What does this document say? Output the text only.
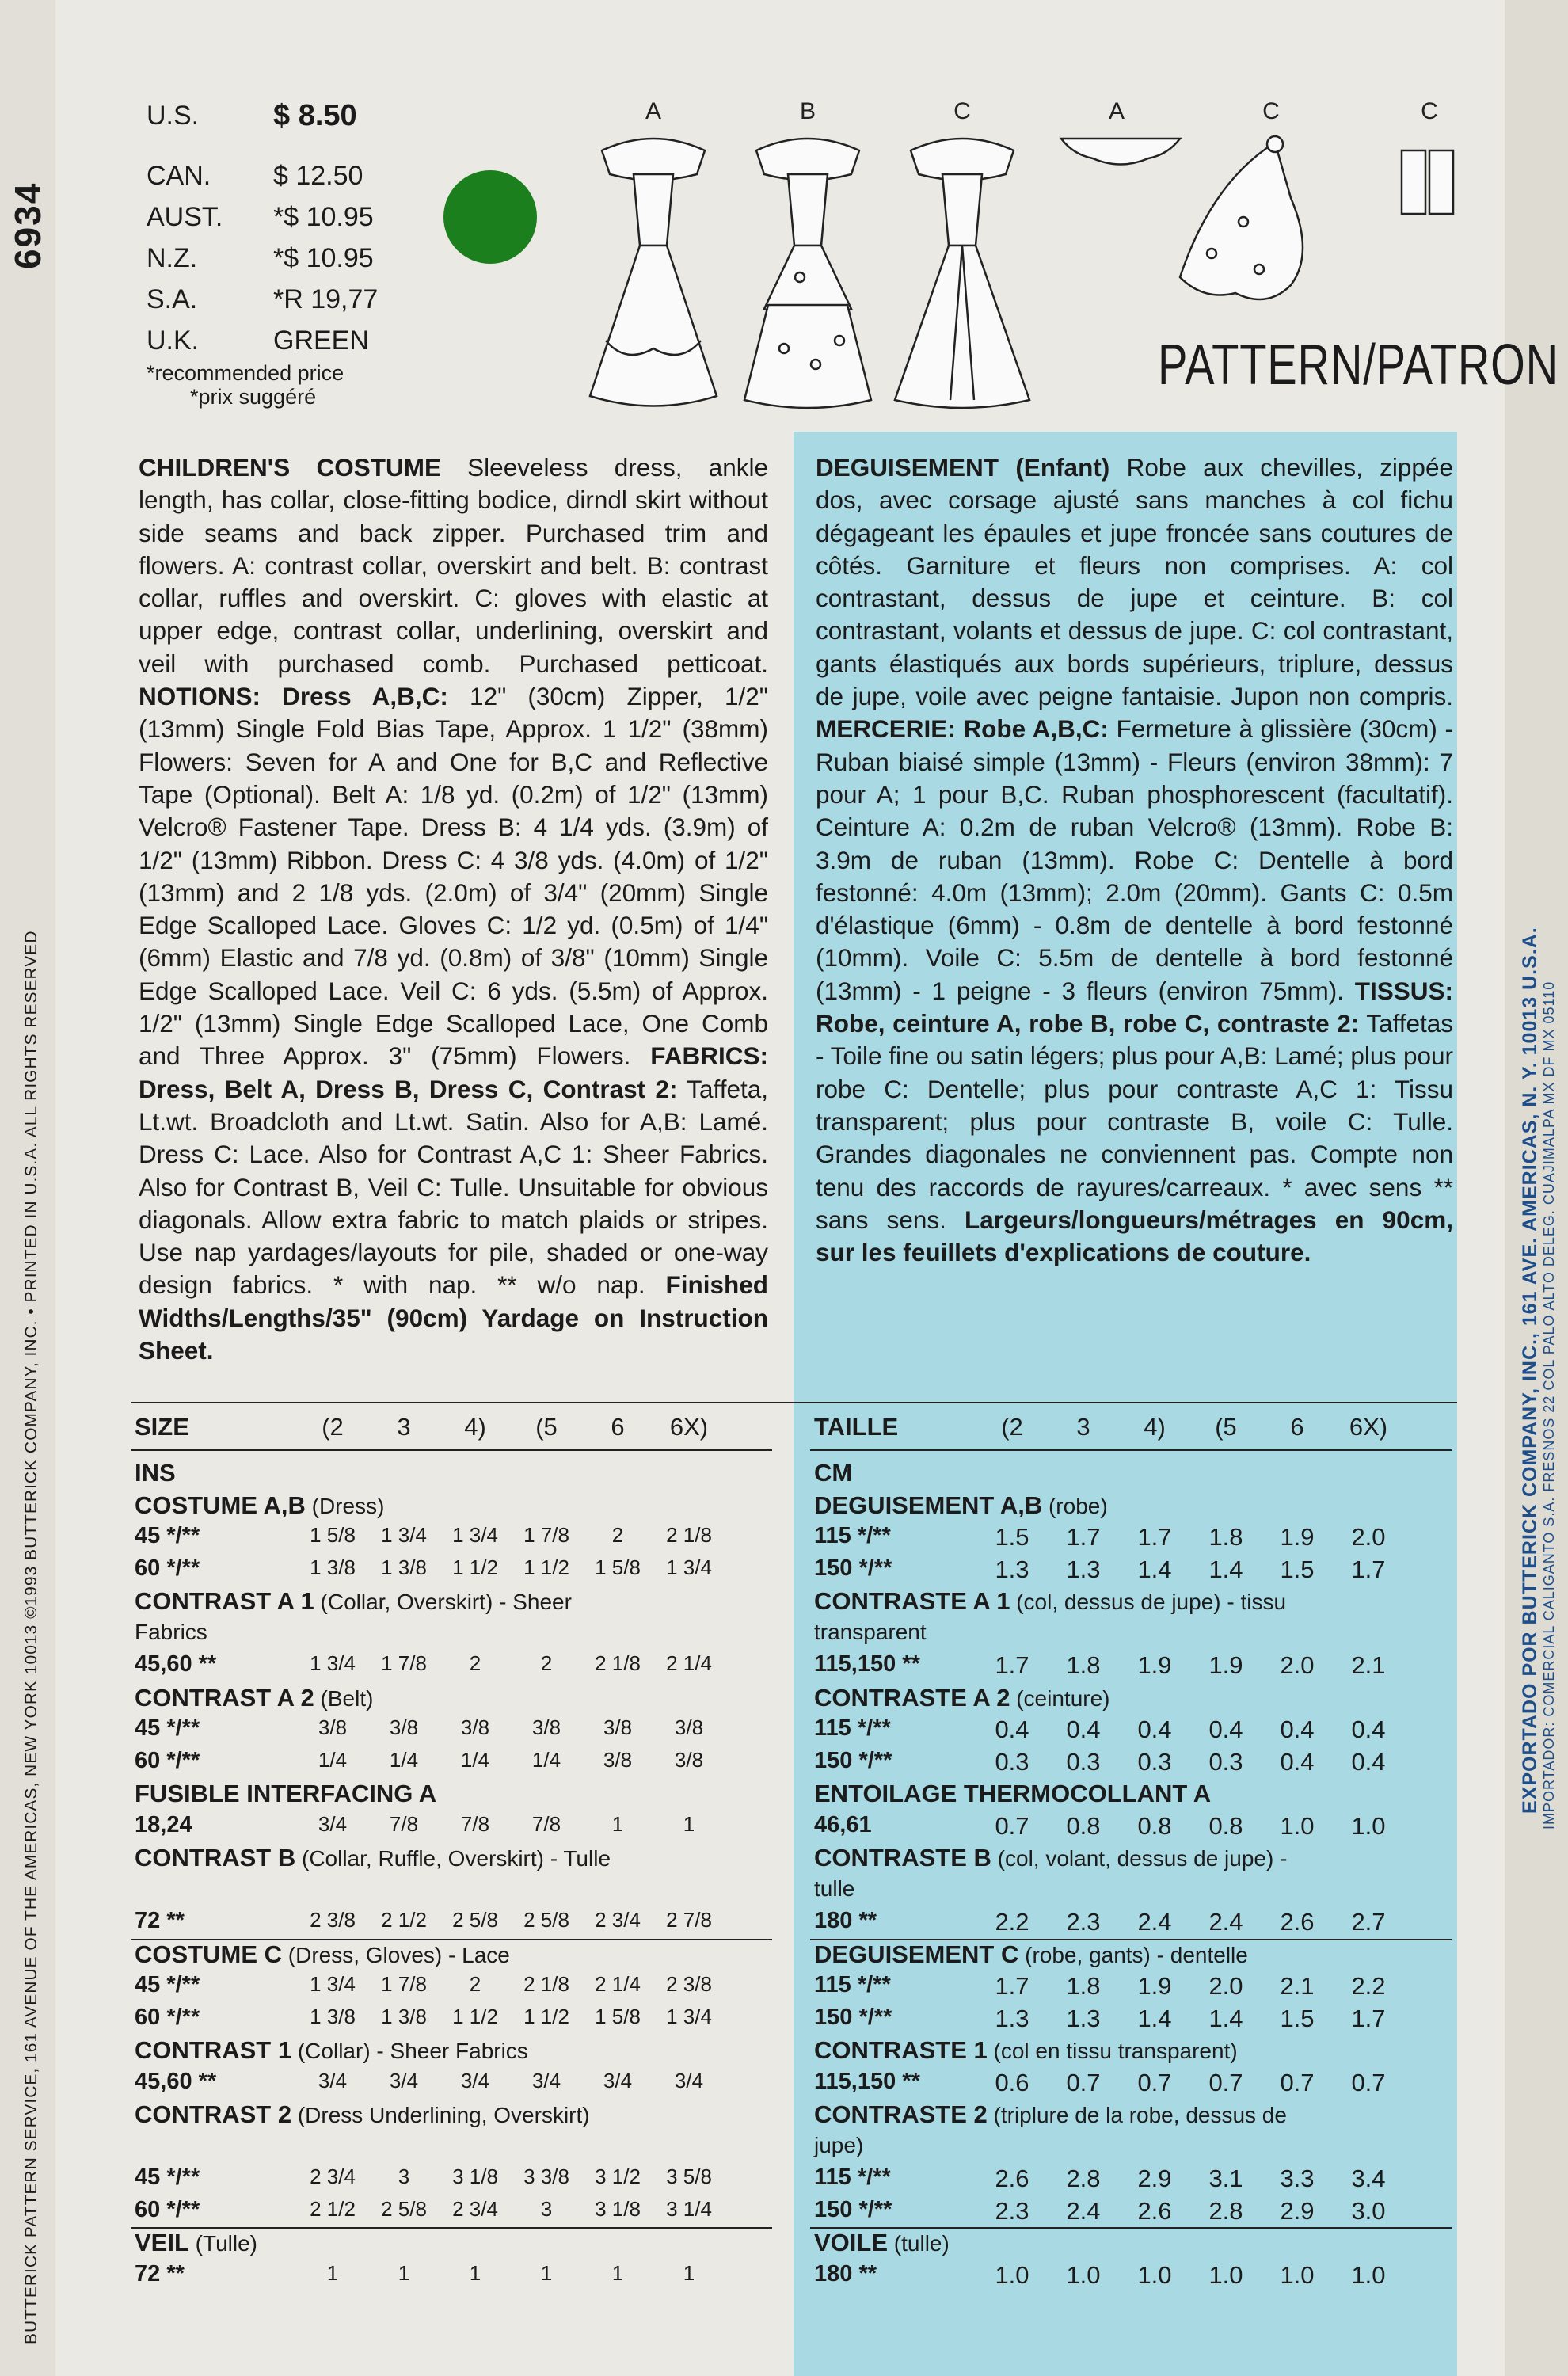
6934
BUTTERICK PATTERN SERVICE, 161 AVENUE OF THE AMERICAS, NEW YORK 10013 ©1993 BUTTERICK COMPANY, INC. • PRINTED IN U.S.A. ALL RIGHTS RESERVED	EXPORTADO POR BUTTERICK COMPANY, INC., 161 AVE. AMERICAS, N. Y. 10013 U.S.A. IMPORTADOR: COMERCIAL CALIGANTO S.A. FRESNOS 22 COL PALO ALTO DELEG. CUAJIMALPA MX DF MX 05110
U.S.	$ 8.50
CAN.	$ 12.50
AUST.	*$ 10.95
N.Z.	*$ 10.95
S.A.	*R 19,77
U.K.	GREEN
*recommended price
*prix suggéré
A	B	C	A	C	C
PATTERN/PATRON
CHILDREN'S COSTUME Sleeveless dress, ankle length, has collar, close-fitting bodice, dirndl skirt without side seams and back zipper. Purchased trim and flowers. A: contrast collar, overskirt and belt. B: contrast collar, ruffles and overskirt. C: gloves with elastic at upper edge, contrast collar, underlining, overskirt and veil with purchased comb. Purchased petticoat. NOTIONS: Dress A,B,C: 12" (30cm) Zipper, 1/2" (13mm) Single Fold Bias Tape, Approx. 1 1/2" (38mm) Flowers: Seven for A and One for B,C and Reflective Tape (Optional). Belt A: 1/8 yd. (0.2m) of 1/2" (13mm) Velcro® Fastener Tape. Dress B: 4 1/4 yds. (3.9m) of 1/2" (13mm) Ribbon. Dress C: 4 3/8 yds. (4.0m) of 1/2" (13mm) and 2 1/8 yds. (2.0m) of 3/4" (20mm) Single Edge Scalloped Lace. Gloves C: 1/2 yd. (0.5m) of 1/4" (6mm) Elastic and 7/8 yd. (0.8m) of 3/8" (10mm) Single Edge Scalloped Lace. Veil C: 6 yds. (5.5m) of Approx. 1/2" (13mm) Single Edge Scalloped Lace, One Comb and Three Approx. 3" (75mm) Flowers. FABRICS: Dress, Belt A, Dress B, Dress C, Contrast 2: Taffeta, Lt.wt. Broadcloth and Lt.wt. Satin. Also for A,B: Lamé. Dress C: Lace. Also for Contrast A,C 1: Sheer Fabrics. Also for Contrast B, Veil C: Tulle. Unsuitable for obvious diagonals. Allow extra fabric to match plaids or stripes. Use nap yardages/layouts for pile, shaded or one-way design fabrics. * with nap. ** w/o nap. Finished Widths/Lengths/35" (90cm) Yardage on Instruction Sheet.
DEGUISEMENT (Enfant) Robe aux chevilles, zippée dos, avec corsage ajusté sans manches à col fichu dégageant les épaules et jupe froncée sans coutures de côtés. Garniture et fleurs non comprises. A: col contrastant, dessus de jupe et ceinture. B: col contrastant, volants et dessus de jupe. C: col contrastant, gants élastiqués aux bords supérieurs, triplure, dessus de jupe, voile avec peigne fantaisie. Jupon non compris. MERCERIE: Robe A,B,C: Fermeture à glissière (30cm) - Ruban biaisé simple (13mm) - Fleurs (environ 38mm): 7 pour A; 1 pour B,C. Ruban phosphorescent (facultatif). Ceinture A: 0.2m de ruban Velcro® (13mm). Robe B: 3.9m de ruban (13mm). Robe C: Dentelle à bord festonné: 4.0m (13mm); 2.0m (20mm). Gants C: 0.5m d'élastique (6mm) - 0.8m de dentelle à bord festonné (10mm). Voile C: 5.5m de dentelle à bord festonné (13mm) - 1 peigne - 3 fleurs (environ 75mm). TISSUS: Robe, ceinture A, robe B, robe C, contraste 2: Taffetas - Toile fine ou satin légers; plus pour A,B: Lamé; plus pour robe C: Dentelle; plus pour contraste A,C 1: Tissu transparent; plus pour contraste B, voile C: Tulle. Grandes diagonales ne conviennent pas. Compte non tenu des raccords de rayures/carreaux. * avec sens ** sans sens. Largeurs/longueurs/métrages en 90cm, sur les feuillets d'explications de couture.
SIZE	(2	3	4)	(5	6	6X)
INS
COSTUME A,B (Dress)
45 */**	1 5/8	1 3/4	1 3/4	1 7/8	2	2 1/8
60 */**	1 3/8	1 3/8	1 1/2	1 1/2	1 5/8	1 3/4
CONTRAST A 1 (Collar, Overskirt) - Sheer
Fabrics
45,60 **	1 3/4	1 7/8	2	2	2 1/8	2 1/4
CONTRAST A 2 (Belt)
45 */**	3/8	3/8	3/8	3/8	3/8	3/8
60 */**	1/4	1/4	1/4	1/4	3/8	3/8
FUSIBLE INTERFACING A
18,24	3/4	7/8	7/8	7/8	1	1
CONTRAST B (Collar, Ruffle, Overskirt) - Tulle
72 **	2 3/8	2 1/2	2 5/8	2 5/8	2 3/4	2 7/8
COSTUME C (Dress, Gloves) - Lace
45 */**	1 3/4	1 7/8	2	2 1/8	2 1/4	2 3/8
60 */**	1 3/8	1 3/8	1 1/2	1 1/2	1 5/8	1 3/4
CONTRAST 1 (Collar) - Sheer Fabrics
45,60 **	3/4	3/4	3/4	3/4	3/4	3/4
CONTRAST 2 (Dress Underlining, Overskirt)
45 */**	2 3/4	3	3 1/8	3 3/8	3 1/2	3 5/8
60 */**	2 1/2	2 5/8	2 3/4	3	3 1/8	3 1/4
VEIL (Tulle)
72 **	1	1	1	1	1	1
TAILLE	(2	3	4)	(5	6	6X)
CM
DEGUISEMENT A,B (robe)
115 */**	1.5	1.7	1.7	1.8	1.9	2.0
150 */**	1.3	1.3	1.4	1.4	1.5	1.7
CONTRASTE A 1 (col, dessus de jupe) - tissu
transparent
115,150 **	1.7	1.8	1.9	1.9	2.0	2.1
CONTRASTE A 2 (ceinture)
115 */**	0.4	0.4	0.4	0.4	0.4	0.4
150 */**	0.3	0.3	0.3	0.3	0.4	0.4
ENTOILAGE THERMOCOLLANT A
46,61	0.7	0.8	0.8	0.8	1.0	1.0
CONTRASTE B (col, volant, dessus de jupe) -
tulle
180 **	2.2	2.3	2.4	2.4	2.6	2.7
DEGUISEMENT C (robe, gants) - dentelle
115 */**	1.7	1.8	1.9	2.0	2.1	2.2
150 */**	1.3	1.3	1.4	1.4	1.5	1.7
CONTRASTE 1 (col en tissu transparent)
115,150 **	0.6	0.7	0.7	0.7	0.7	0.7
CONTRASTE 2 (triplure de la robe, dessus de
jupe)
115 */**	2.6	2.8	2.9	3.1	3.3	3.4
150 */**	2.3	2.4	2.6	2.8	2.9	3.0
VOILE (tulle)
180 **	1.0	1.0	1.0	1.0	1.0	1.0
